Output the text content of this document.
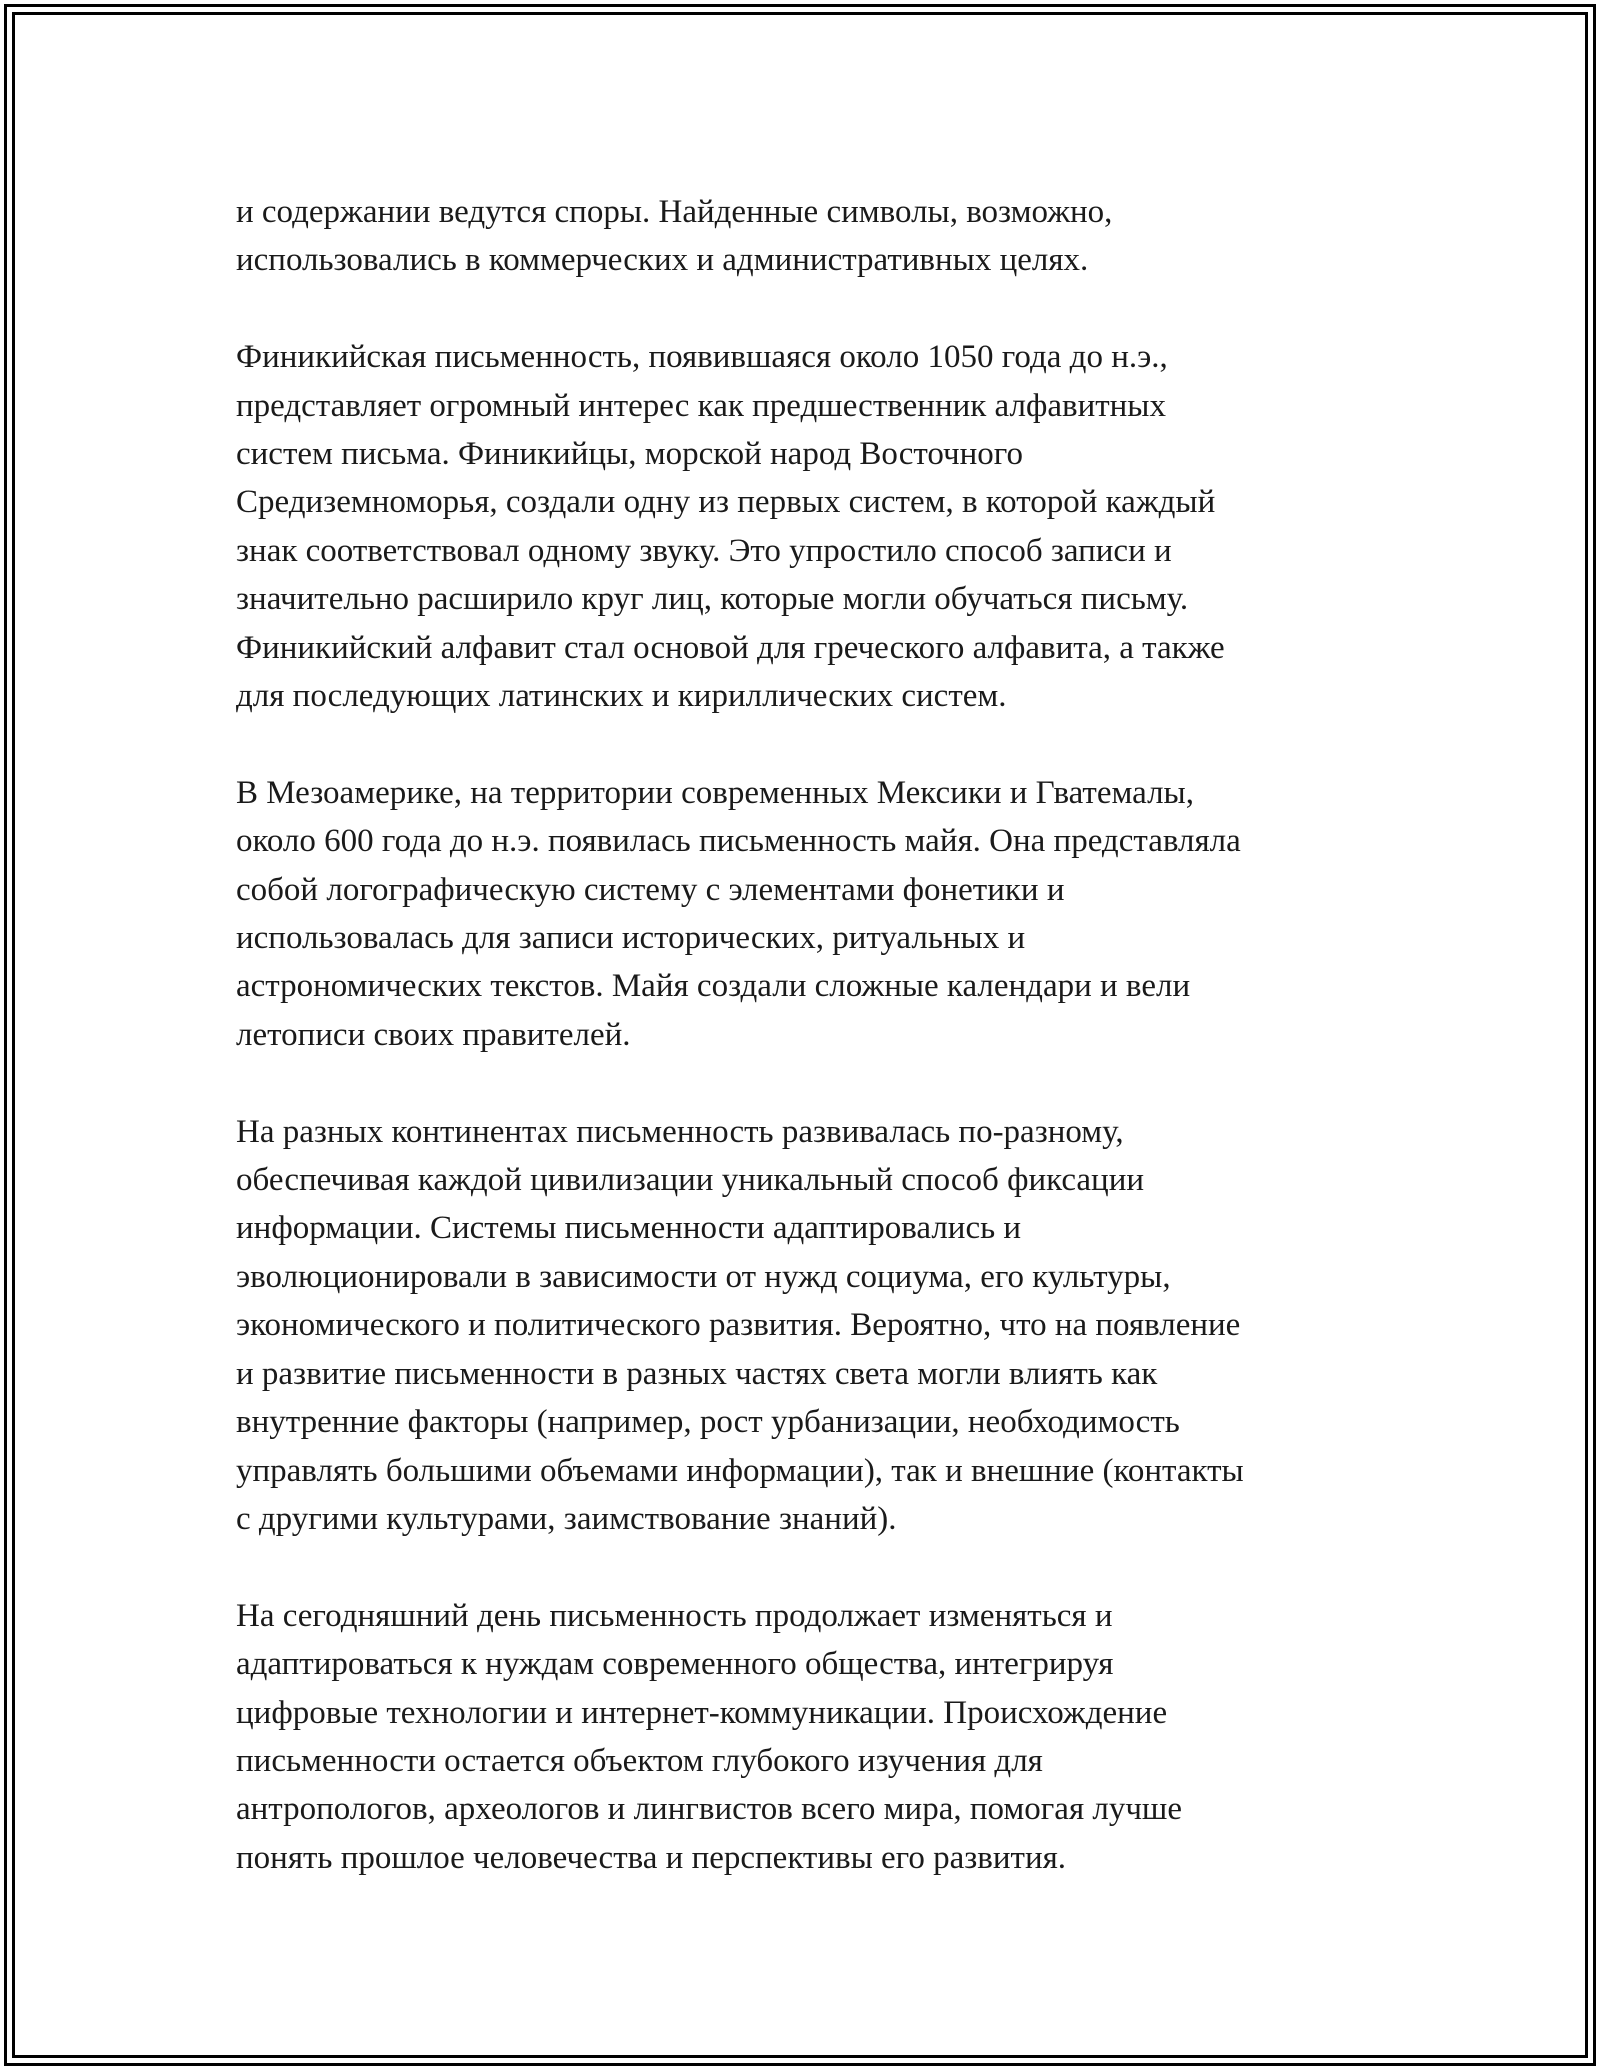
и содержании ведутся споры. Найденные символы, возможно,
использовались в коммерческих и административных целях.

Финикийская письменность, появившаяся около 1050 года до н.э.,
представляет огромный интерес как предшественник алфавитных
систем письма. Финикийцы, морской народ Восточного
Средиземноморья, создали одну из первых систем, в которой каждый
знак соответствовал одному звуку. Это упростило способ записи и
значительно расширило круг лиц, которые могли обучаться письму.
Финикийский алфавит стал основой для греческого алфавита, а также
для последующих латинских и кириллических систем.

В Мезоамерике, на территории современных Мексики и Гватемалы,
около 600 года до н.э. появилась письменность майя. Она представляла
собой логографическую систему с элементами фонетики и
использовалась для записи исторических, ритуальных и
астрономических текстов. Майя создали сложные календари и вели
летописи своих правителей.

На разных континентах письменность развивалась по-разному,
обеспечивая каждой цивилизации уникальный способ фиксации
информации. Системы письменности адаптировались и
эволюционировали в зависимости от нужд социума, его культуры,
экономического и политического развития. Вероятно, что на появление
и развитие письменности в разных частях света могли влиять как
внутренние факторы (например, рост урбанизации, необходимость
управлять большими объемами информации), так и внешние (контакты
с другими культурами, заимствование знаний).

На сегодняшний день письменность продолжает изменяться и
адаптироваться к нуждам современного общества, интегрируя
цифровые технологии и интернет-коммуникации. Происхождение
письменности остается объектом глубокого изучения для
антропологов, археологов и лингвистов всего мира, помогая лучше
понять прошлое человечества и перспективы его развития.
